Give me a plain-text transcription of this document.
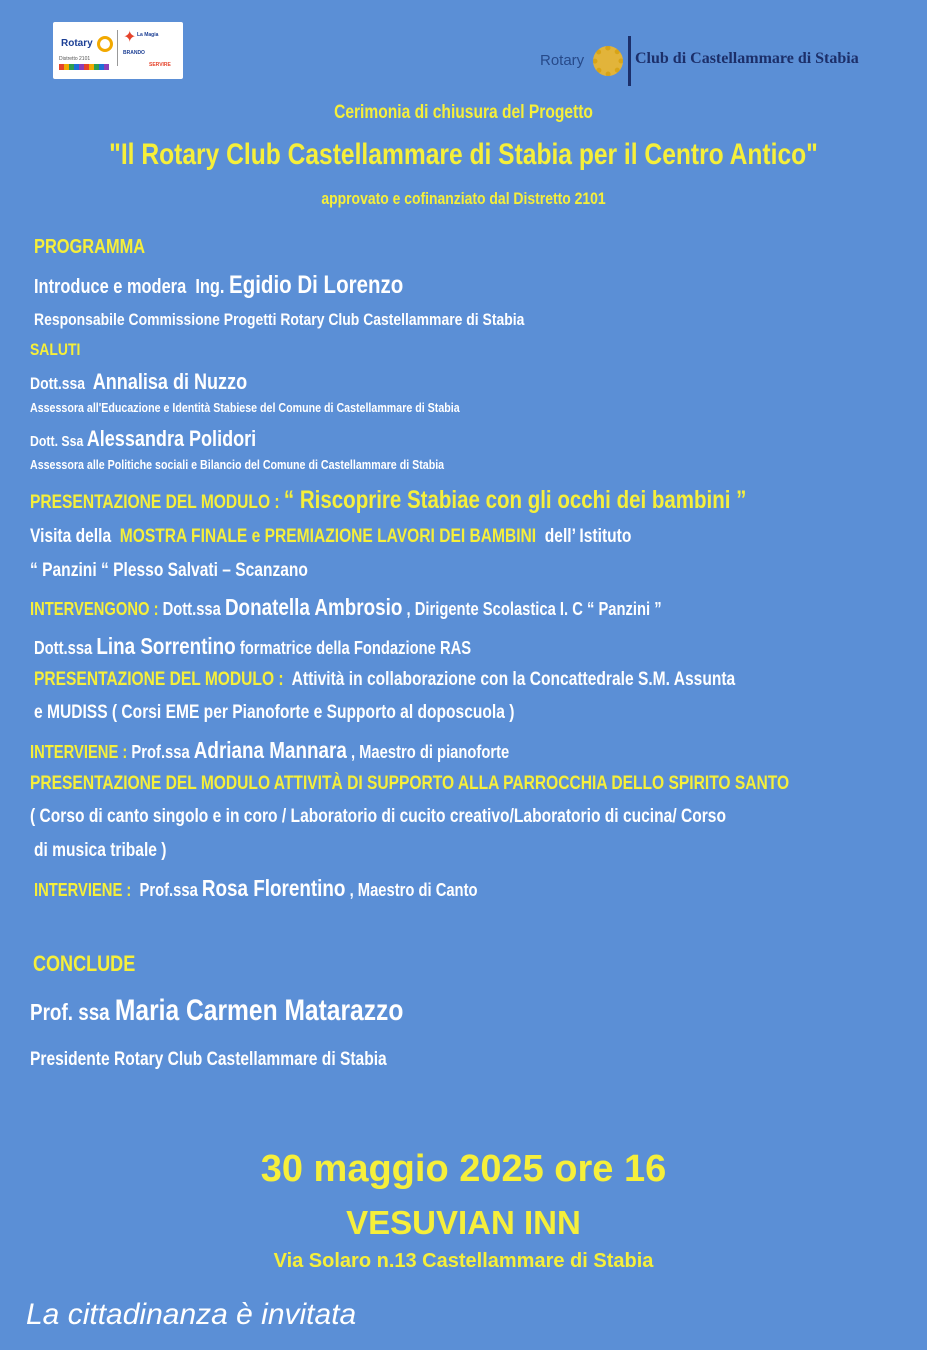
Rotary ✦ La Magia
BRANDO
SERVIRE
Distretto 2101	Rotary	Club di Castellammare di Stabia
Cerimonia di chiusura del Progetto
"Il Rotary Club Castellammare di Stabia per il Centro Antico"
approvato e cofinanziato dal Distretto 2101
PROGRAMMA
Introduce e modera Ing. Egidio Di Lorenzo
Responsabile Commissione Progetti Rotary Club Castellammare di Stabia
SALUTI
Dott.ssa Annalisa di Nuzzo
Assessora all'Educazione e Identità Stabiese del Comune di Castellammare di Stabia
Dott. Ssa Alessandra Polidori
Assessora alle Politiche sociali e Bilancio del Comune di Castellammare di Stabia
PRESENTAZIONE DEL MODULO : “ Riscoprire Stabiae con gli occhi dei bambini ”
Visita della MOSTRA FINALE e PREMIAZIONE LAVORI DEI BAMBINI dell’ Istituto
“ Panzini “ Plesso Salvati – Scanzano
INTERVENGONO : Dott.ssa Donatella Ambrosio , Dirigente Scolastica I. C “ Panzini ”
Dott.ssa Lina Sorrentino formatrice della Fondazione RAS
PRESENTAZIONE DEL MODULO : Attività in collaborazione con la Concattedrale S.M. Assunta
e MUDISS ( Corsi EME per Pianoforte e Supporto al doposcuola )
INTERVIENE : Prof.ssa Adriana Mannara , Maestro di pianoforte
PRESENTAZIONE DEL MODULO ATTIVITÀ DI SUPPORTO ALLA PARROCCHIA DELLO SPIRITO SANTO
( Corso di canto singolo e in coro / Laboratorio di cucito creativo/Laboratorio di cucina/ Corso
di musica tribale )
INTERVIENE : Prof.ssa Rosa Florentino , Maestro di Canto
CONCLUDE
Prof. ssa Maria Carmen Matarazzo
Presidente Rotary Club Castellammare di Stabia
30 maggio 2025 ore 16
VESUVIAN INN
Via Solaro n.13 Castellammare di Stabia
La cittadinanza è invitata
